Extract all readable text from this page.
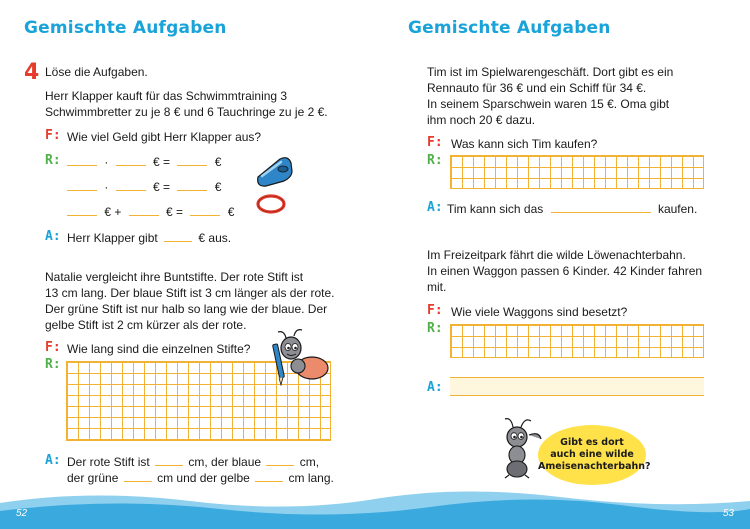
Gemischte Aufgaben
4 Löse die Aufgaben.
Herr Klapper kauft für das Schwimmtraining 3
Schwimmbretter zu je 8 € und 6 Tauchringe zu je 2 €.
F: Wie viel Geld gibt Herr Klapper aus?
R:	·	€ =	€
·	€ =	€
€ +	€ =	€
A: Herr Klapper gibt	€ aus.
Natalie vergleicht ihre Buntstifte. Der rote Stift ist
13 cm lang. Der blaue Stift ist 3 cm länger als der rote.
Der grüne Stift ist nur halb so lang wie der blaue. Der
gelbe Stift ist 2 cm kürzer als der rote.
F: Wie lang sind die einzelnen Stifte?
R:
A: Der rote Stift ist	cm, der blaue	cm,
der grüne	cm und der gelbe	cm lang.
Gemischte Aufgaben
Tim ist im Spielwarengeschäft. Dort gibt es ein
Rennauto für 36 € und ein Schiff für 34 €.
In seinem Sparschwein waren 15 €. Oma gibt
ihm noch 20 € dazu.
F: Was kann sich Tim kaufen?
R:
A: Tim kann sich das	kaufen.
Im Freizeitpark fährt die wilde Löwenachterbahn.
In einen Waggon passen 6 Kinder. 42 Kinder fahren
mit.
F: Wie viele Waggons sind besetzt?
R:
A:
Gibt es dort
auch eine wilde
Ameisenachterbahn?
52	53
